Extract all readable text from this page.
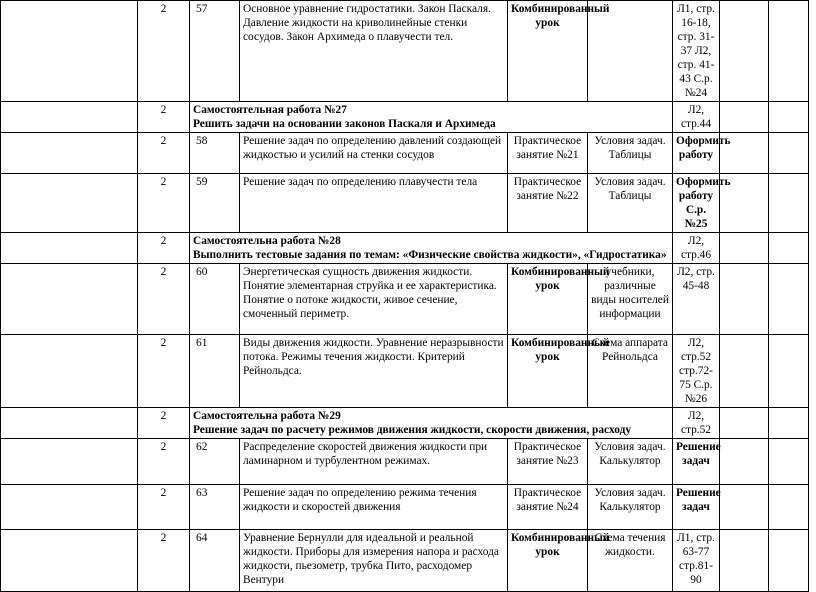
	2	57	Основное уравнение гидростатики. Закон Паскаля. Давление жидкости на криволинейные стенки сосудов. Закон Архимеда о плавучести тел.	Комбинированный урок		Л1, стр. 16-18, стр. 31-37 Л2, стр. 41-43 С.р.№24		
	2	Самостоятельная работа №27
Решить задачи на основании законов Паскаля и Архимеда				Л2, стр.44		
	2	58	Решение задач по определению давлений создающей жидкостью и усилий на стенки сосудов	Практическое занятие №21	Условия задач. Таблицы	Оформить работу		
	2	59	Решение задач по определению плавучести тела	Практическое занятие №22	Условия задач. Таблицы	Оформить работу С.р.№25		
	2	Самостоятельна работа №28
Выполнить тестовые задания по темам: «Физические свойства жидкости», «Гидростатика»				Л2, стр.46		
	2	60	Энергетическая сущность движения жидкости. Понятие элементарная струйка и ее характеристика. Понятие о потоке жидкости, живое сечение, смоченный периметр.	Комбинированный урок	учебники, различные виды носителей информации	Л2, стр. 45-48		
	2	61	Виды движения жидкости. Уравнение неразрывности потока. Режимы течения жидкости. Критерий Рейнольдса.	Комбинированный урок	Схема аппарата Рейнольдса	Л2, стр.52 стр.72-75 С.р.№26		
	2	Самостоятельна работа №29
Решение задач по расчету режимов движения жидкости, скорости движения, расходу				Л2, стр.52		
	2	62	Распределение скоростей движения жидкости при ламинарном и турбулентном режимах.	Практическое занятие №23	Условия задач. Калькулятор	Решение задач		
	2	63	Решение задач по определению режима течения жидкости и скоростей движения	Практическое занятие №24	Условия задач. Калькулятор	Решение задач		
	2	64	Уравнение Бернулли для идеальной и реальной жидкости. Приборы для измерения напора и расхода жидкости, пьезометр, трубка Пито, расходомер Вентури	Комбинированный урок	Схема течения жидкости.	Л1, стр. 63-77 стр.81-90		
